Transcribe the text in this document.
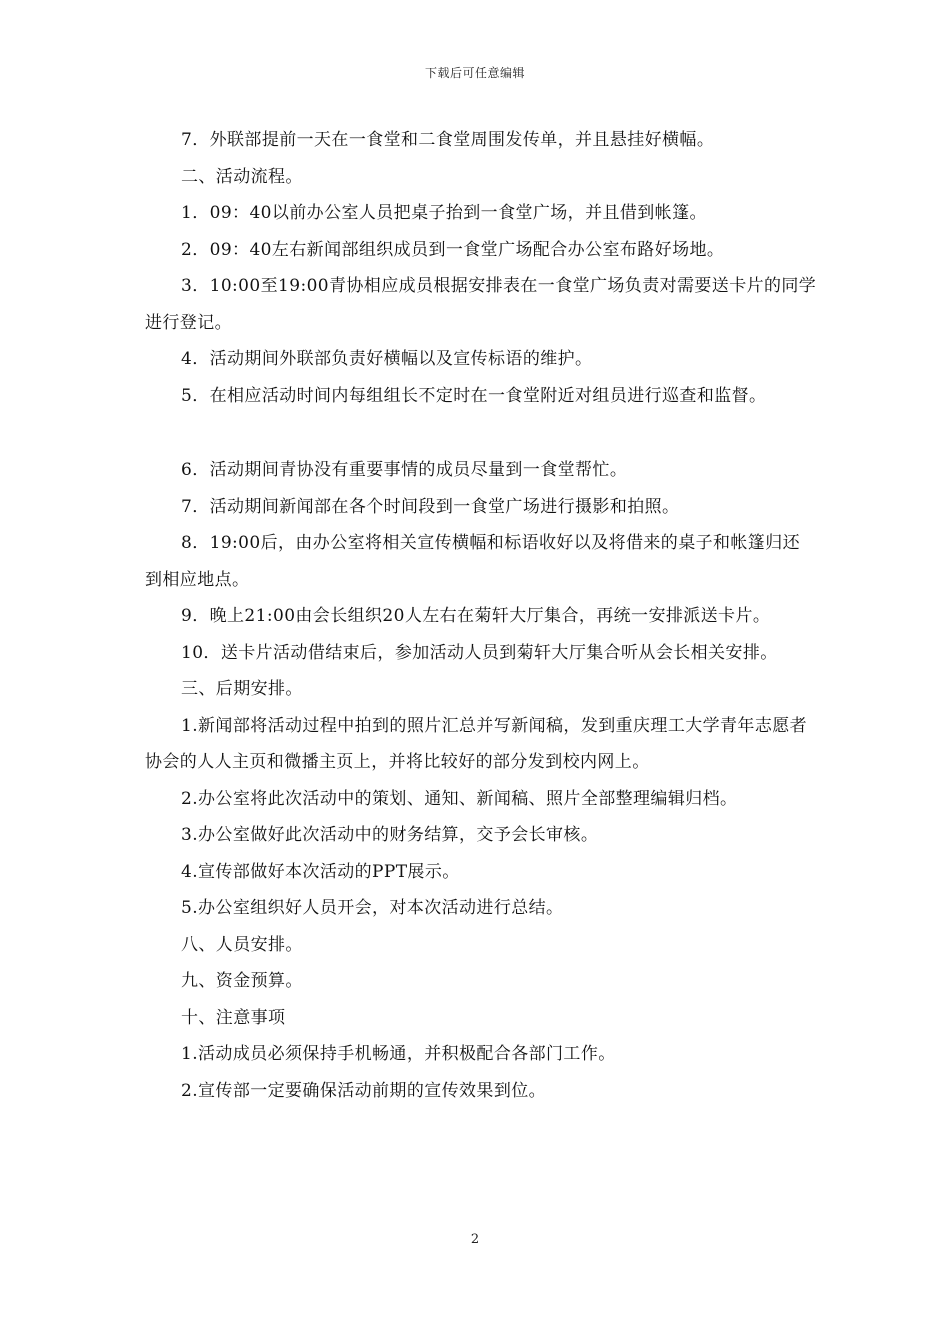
下载后可任意编辑

7．外联部提前一天在一食堂和二食堂周围发传单，并且悬挂好横幅。

二、活动流程。

1．09：40以前办公室人员把桌子抬到一食堂广场，并且借到帐篷。

2．09：40左右新闻部组织成员到一食堂广场配合办公室布路好场地。

3．10:00至19:00青协相应成员根据安排表在一食堂广场负责对需要送卡片的同学进行登记。

4．活动期间外联部负责好横幅以及宣传标语的维护。

5．在相应活动时间内每组组长不定时在一食堂附近对组员进行巡查和监督。

6．活动期间青协没有重要事情的成员尽量到一食堂帮忙。

7．活动期间新闻部在各个时间段到一食堂广场进行摄影和拍照。

8．19:00后，由办公室将相关宣传横幅和标语收好以及将借来的桌子和帐篷归还到相应地点。

9．晚上21:00由会长组织20人左右在菊轩大厅集合，再统一安排派送卡片。

10．送卡片活动借结束后，参加活动人员到菊轩大厅集合听从会长相关安排。

三、后期安排。

1.新闻部将活动过程中拍到的照片汇总并写新闻稿，发到重庆理工大学青年志愿者协会的人人主页和微播主页上，并将比较好的部分发到校内网上。

2.办公室将此次活动中的策划、通知、新闻稿、照片全部整理编辑归档。

3.办公室做好此次活动中的财务结算，交予会长审核。

4.宣传部做好本次活动的PPT展示。

5.办公室组织好人员开会，对本次活动进行总结。

八、人员安排。

九、资金预算。

十、注意事项

1.活动成员必须保持手机畅通，并积极配合各部门工作。

2.宣传部一定要确保活动前期的宣传效果到位。

2
